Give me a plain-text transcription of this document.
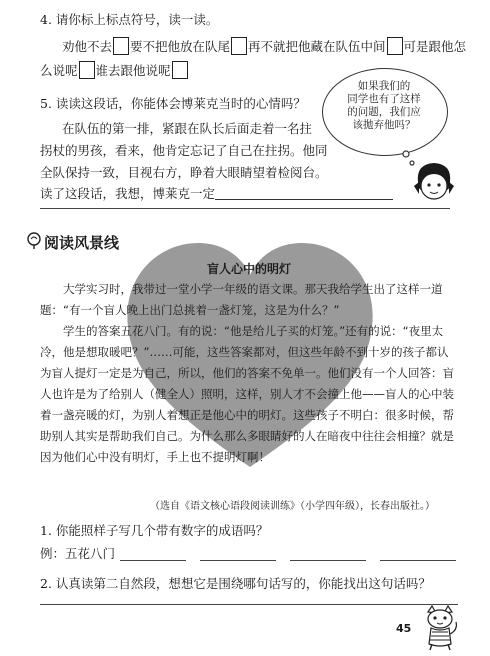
4. 请你标上标点符号，读一读。
劝他不去 要不把他放在队尾 再不就把他藏在队伍中间 可是跟他怎
么说呢 谁去跟他说呢
5. 读读这段话，你能体会博莱克当时的心情吗？
在队伍的第一排，紧跟在队长后面走着一名拄
拐杖的男孩，看来，他肯定忘记了自己在拄拐。他同
全队保持一致，目视右方，睁着大眼睛望着检阅台。
读了这段话，我想，博莱克一定
如果我们的
同学也有了这样
的问题，我们应
该拋弃他吗？
阅读风景线
盲人心中的明灯

大学实习时，我带过一堂小学一年级的语文课。那天我给学生出了这样一道题：“有一个盲人晚上出门总挑着一盏灯笼，这是为什么？”

学生的答案五花八门。有的说：“他是给儿子买的灯笼。”还有的说：“夜里太冷，他是想取暖吧？”……可能，这些答案都对，但这些年龄不到十岁的孩子都认为盲人提灯一定是为自己，所以，他们的答案不免单一。他们没有一个人回答：盲人也许是为了给别人（健全人）照明，这样，别人才不会撞上他——盲人的心中装着一盏亮暖的灯，为别人着想正是他心中的明灯。这些孩子不明白：很多时候，帮助别人其实是帮助我们自己。为什么那么多眼睛好的人在暗夜中往往会相撞？就是因为他们心中没有明灯，手上也不提明灯啊！

（选自《语文核心语段阅读训练》（小学四年级），长春出版社。）
1. 你能照样子写几个带有数字的成语吗？
例：五花八门
2. 认真读第二自然段，想想它是围绕哪句话写的，你能找出这句话吗？
45
